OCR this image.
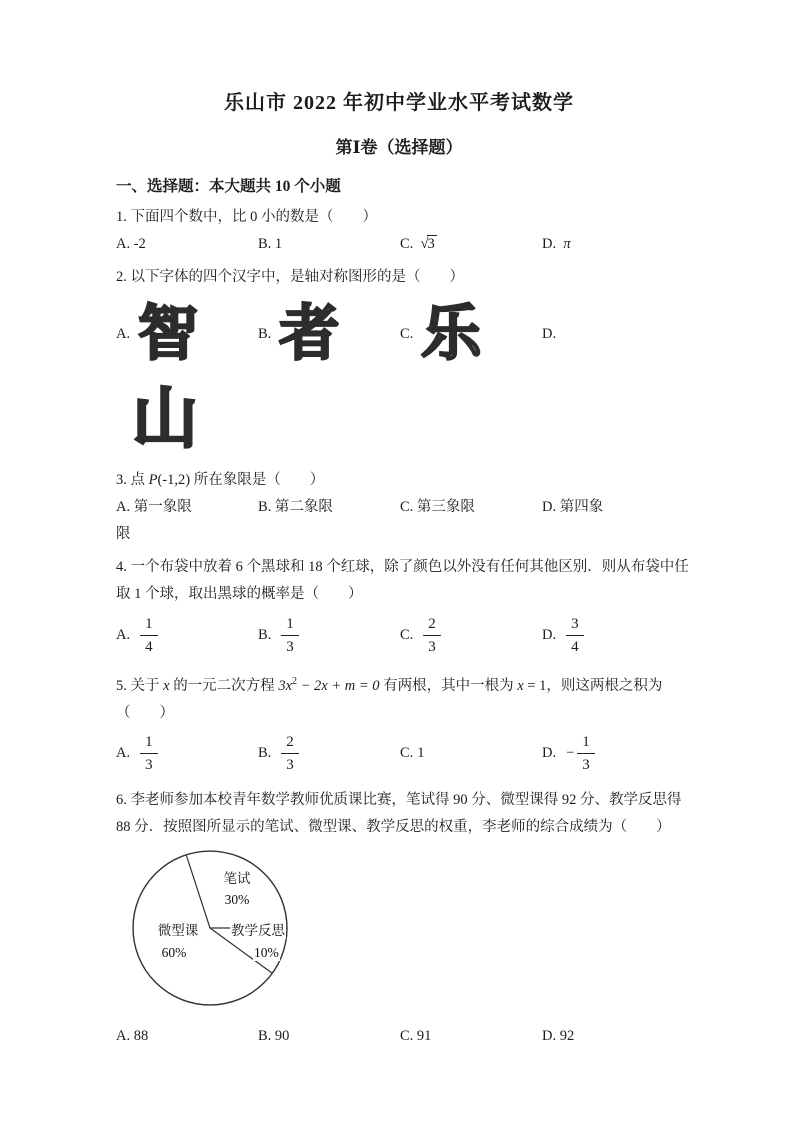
乐山市 2022 年初中学业水平考试数学
第Ⅰ卷（选择题）
一、选择题：本大题共 10 个小题
1. 下面四个数中，比 0 小的数是（　　）
A. -2	B. 1	C. √3	D. π
2. 以下字体的四个汉字中，是轴对称图形的是（　　）
A. 智	B. 者	C. 乐	D.
山
3. 点 P(-1,2) 所在象限是（　　）
A. 第一象限	B. 第二象限	C. 第三象限	D. 第四象
限
4. 一个布袋中放着 6 个黑球和 18 个红球，除了颜色以外没有任何其他区别．则从布袋中任
取 1 个球，取出黑球的概率是（　　）
A. $\frac{1}{4}$	B. $\frac{1}{3}$	C. $\frac{2}{3}$	D. $\frac{3}{4}$
5. 关于 x 的一元二次方程 $3x^2 - 2x + m = 0$ 有两根，其中一根为 x = 1，则这两根之积为
（　　）
A. $\frac{1}{3}$	B. $\frac{2}{3}$	C. 1	D. − $\frac{1}{3}$
6. 李老师参加本校青年数学教师优质课比赛，笔试得 90 分、微型课得 92 分、教学反思得
88 分．按照图所显示的笔试、微型课、教学反思的权重，李老师的综合成绩为（　　）
笔试
30%
微型课
60%
教学反思
10%
A. 88	B. 90	C. 91	D. 92
